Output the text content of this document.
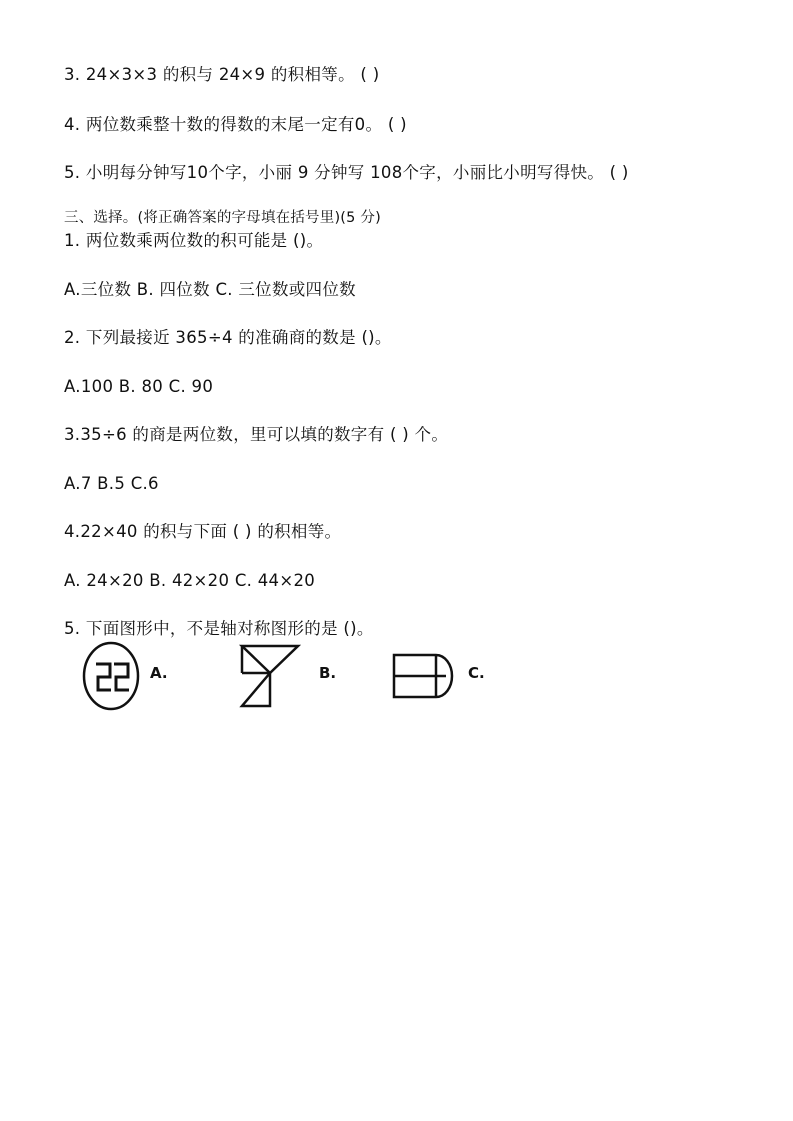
3. 24×3×3 的积与 24×9 的积相等。 ( )
4. 两位数乘整十数的得数的末尾一定有0。 ( )
5. 小明每分钟写10个字，小丽 9 分钟写 108个字，小丽比小明写得快。 ( )
三、选择。(将正确答案的字母填在括号里)(5 分)
1. 两位数乘两位数的积可能是 ()。
A.三位数 B. 四位数 C. 三位数或四位数
2. 下列最接近 365÷4 的准确商的数是 ()。
A.100 B. 80 C. 90
3.35÷6 的商是两位数，里可以填的数字有 ( ) 个。
A.7 B.5 C.6
4.22×40 的积与下面 ( ) 的积相等。
A. 24×20 B. 42×20 C. 44×20
5. 下面图形中，不是轴对称图形的是 ()。
A.	B.	C.
